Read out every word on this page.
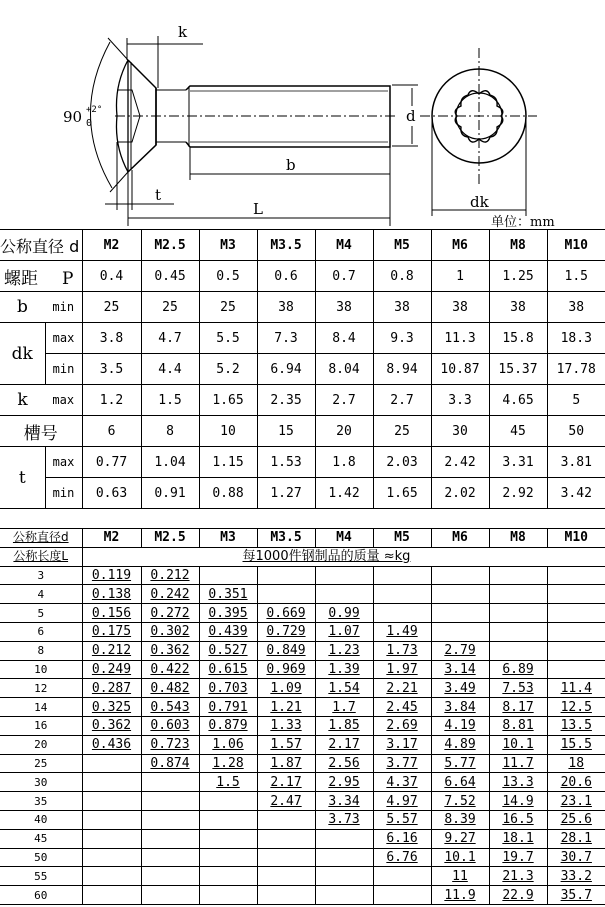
k
90 +2°
0
t
b
L
d
dk
单位：mm
公称直径 d		M2	M2.5	M3	M3.5	M4	M5	M6	M8	M10
螺距 P		0.4	0.45	0.5	0.6	0.7	0.8	1	1.25	1.5
b	min	25	25	25	38	38	38	38	38	38
dk	max	3.8	4.7	5.5	7.3	8.4	9.3	11.3	15.8	18.3
	min	3.5	4.4	5.2	6.94	8.04	8.94	10.87	15.37	17.78
k	max	1.2	1.5	1.65	2.35	2.7	2.7	3.3	4.65	5
槽号		6	8	10	15	20	25	30	45	50
t	max	0.77	1.04	1.15	1.53	1.8	2.03	2.42	3.31	3.81
	min	0.63	0.91	0.88	1.27	1.42	1.65	2.02	2.92	3.42
公称直径d	M2	M2.5	M3	M3.5	M4	M5	M6	M8	M10
公称长度L	每1000件钢制品的质量 ≈kg								
3	0.119	0.212							
4	0.138	0.242	0.351						
5	0.156	0.272	0.395	0.669	0.99				
6	0.175	0.302	0.439	0.729	1.07	1.49			
8	0.212	0.362	0.527	0.849	1.23	1.73	2.79		
10	0.249	0.422	0.615	0.969	1.39	1.97	3.14	6.89	
12	0.287	0.482	0.703	1.09	1.54	2.21	3.49	7.53	11.4
14	0.325	0.543	0.791	1.21	1.7	2.45	3.84	8.17	12.5
16	0.362	0.603	0.879	1.33	1.85	2.69	4.19	8.81	13.5
20	0.436	0.723	1.06	1.57	2.17	3.17	4.89	10.1	15.5
25		0.874	1.28	1.87	2.56	3.77	5.77	11.7	18
30			1.5	2.17	2.95	4.37	6.64	13.3	20.6
35				2.47	3.34	4.97	7.52	14.9	23.1
40					3.73	5.57	8.39	16.5	25.6
45						6.16	9.27	18.1	28.1
50						6.76	10.1	19.7	30.7
55							11	21.3	33.2
60							11.9	22.9	35.7
